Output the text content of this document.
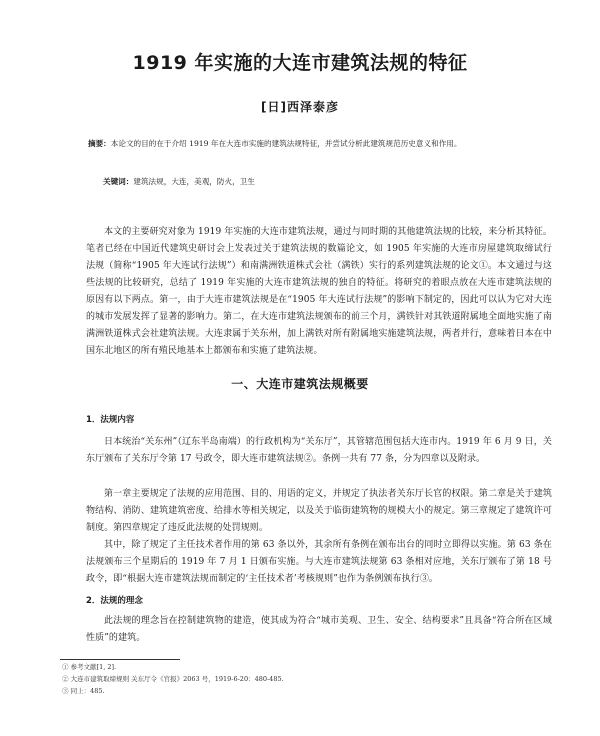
1919 年实施的大连市建筑法规的特征
[日]西泽泰彦
摘要：本论文的目的在于介绍 1919 年在大连市实施的建筑法规特征，并尝试分析此建筑规范历史意义和作用。
关键词：建筑法规，大连，美观，防火，卫生
本文的主要研究对象为 1919 年实施的大连市建筑法规，通过与同时期的其他建筑法规的比较，来分析其特征。笔者已经在中国近代建筑史研讨会上发表过关于建筑法规的数篇论文，如 1905 年实施的大连市房屋建筑取缔试行法规（简称“1905 年大连试行法规”）和南满洲铁道株式会社（满铁）实行的系列建筑法规的论文①。本文通过与这些法规的比较研究，总结了 1919 年实施的大连市建筑法规的独自的特征。将研究的着眼点放在大连市建筑法规的原因有以下两点。第一，由于大连市建筑法规是在“1905 年大连试行法规”的影响下制定的，因此可以认为它对大连的城市发展发挥了显著的影响力。第二，在大连市建筑法规颁布的前三个月，满铁针对其铁道附属地全面地实施了南满洲铁道株式会社建筑法规。大连隶属于关东州，加上满铁对所有附属地实施建筑法规，两者并行，意味着日本在中国东北地区的所有殖民地基本上都颁布和实施了建筑法规。
一、大连市建筑法规概要
1．法规内容
日本统治“关东州”（辽东半岛南端）的行政机构为“关东厅”，其管辖范围包括大连市内。1919 年 6 月 9 日，关东厅颁布了关东厅令第 17 号政令，即大连市建筑法规②。条例一共有 77 条，分为四章以及附录。
第一章主要规定了法规的应用范围、目的、用语的定义，并规定了执法者关东厅长官的权限。第二章是关于建筑物结构、消防、建筑建筑密度、给排水等相关规定，以及关于临街建筑物的规模大小的规定。第三章规定了建筑许可制度。第四章规定了违反此法规的处罚规则。
其中，除了规定了主任技术者作用的第 63 条以外，其余所有条例在颁布出台的同时立即得以实施。第 63 条在法规颁布三个星期后的 1919 年 7 月 1 日颁布实施。与大连市建筑法规第 63 条相对应地，关东厅颁布了第 18 号政令，即“根据大连市建筑法规而制定的‘主任技术者’考核规则”也作为条例颁布执行③。
2．法规的理念
此法规的理念旨在控制建筑物的建造，使其成为符合“城市美观、卫生、安全、结构要求”且具备“符合所在区域性质”的建筑。
① 参考文献[1, 2].
② 大连市建筑取缔规则 关东厅令《官报》2063 号，1919-6-20：480-485.
③ 同上：485.
